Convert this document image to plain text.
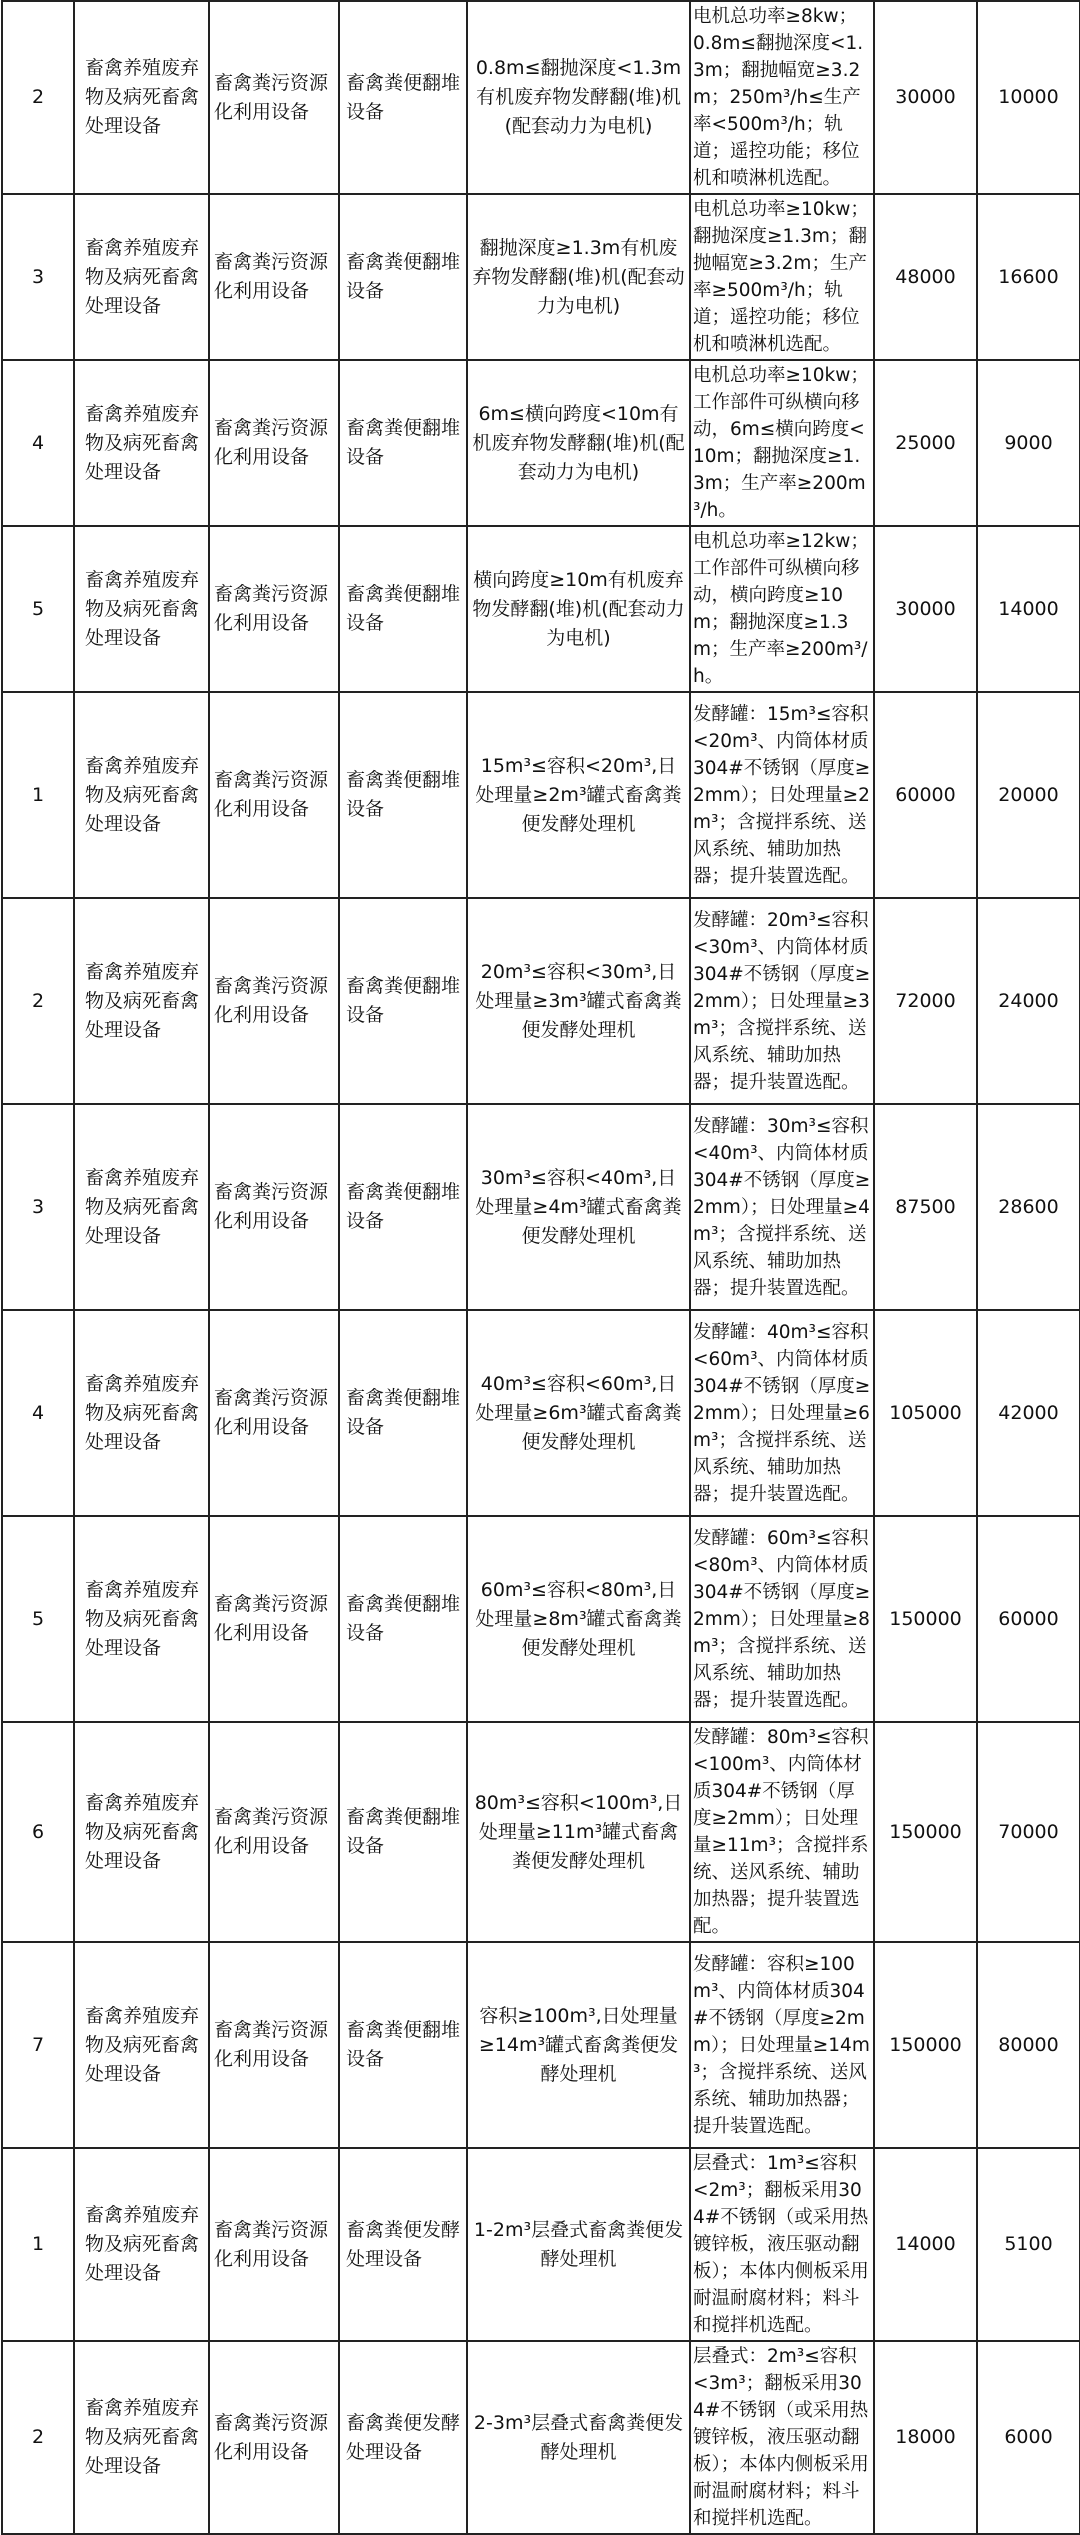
2	畜禽养殖废弃物及病死畜禽处理设备	畜禽粪污资源化利用设备	畜禽粪便翻堆设备	0.8m≤翻抛深度<1.3m有机废弃物发酵翻(堆)机(配套动力为电机)	电机总功率≥8kw；0.8m≤翻抛深度<1.3m；翻抛幅宽≥3.2m；250m³/h≤生产率<500m³/h；轨道；遥控功能；移位机和喷淋机选配。	30000	10000
3	畜禽养殖废弃物及病死畜禽处理设备	畜禽粪污资源化利用设备	畜禽粪便翻堆设备	翻抛深度≥1.3m有机废弃物发酵翻(堆)机(配套动力为电机)	电机总功率≥10kw；翻抛深度≥1.3m；翻抛幅宽≥3.2m；生产率≥500m³/h；轨道；遥控功能；移位机和喷淋机选配。	48000	16600
4	畜禽养殖废弃物及病死畜禽处理设备	畜禽粪污资源化利用设备	畜禽粪便翻堆设备	6m≤横向跨度<10m有机废弃物发酵翻(堆)机(配套动力为电机)	电机总功率≥10kw；工作部件可纵横向移动，6m≤横向跨度<10m；翻抛深度≥1.3m；生产率≥200m³/h。	25000	9000
5	畜禽养殖废弃物及病死畜禽处理设备	畜禽粪污资源化利用设备	畜禽粪便翻堆设备	横向跨度≥10m有机废弃物发酵翻(堆)机(配套动力为电机)	电机总功率≥12kw；工作部件可纵横向移动，横向跨度≥10m；翻抛深度≥1.3m；生产率≥200m³/h。	30000	14000
1	畜禽养殖废弃物及病死畜禽处理设备	畜禽粪污资源化利用设备	畜禽粪便翻堆设备	15m³≤容积<20m³,日处理量≥2m³罐式畜禽粪便发酵处理机	发酵罐：15m³≤容积<20m³、内筒体材质304#不锈钢（厚度≥2mm）；日处理量≥2m³；含搅拌系统、送风系统、辅助加热器；提升装置选配。	60000	20000
2	畜禽养殖废弃物及病死畜禽处理设备	畜禽粪污资源化利用设备	畜禽粪便翻堆设备	20m³≤容积<30m³,日处理量≥3m³罐式畜禽粪便发酵处理机	发酵罐：20m³≤容积<30m³、内筒体材质304#不锈钢（厚度≥2mm）；日处理量≥3m³；含搅拌系统、送风系统、辅助加热器；提升装置选配。	72000	24000
3	畜禽养殖废弃物及病死畜禽处理设备	畜禽粪污资源化利用设备	畜禽粪便翻堆设备	30m³≤容积<40m³,日处理量≥4m³罐式畜禽粪便发酵处理机	发酵罐：30m³≤容积<40m³、内筒体材质304#不锈钢（厚度≥2mm）；日处理量≥4m³；含搅拌系统、送风系统、辅助加热器；提升装置选配。	87500	28600
4	畜禽养殖废弃物及病死畜禽处理设备	畜禽粪污资源化利用设备	畜禽粪便翻堆设备	40m³≤容积<60m³,日处理量≥6m³罐式畜禽粪便发酵处理机	发酵罐：40m³≤容积<60m³、内筒体材质304#不锈钢（厚度≥2mm）；日处理量≥6m³；含搅拌系统、送风系统、辅助加热器；提升装置选配。	105000	42000
5	畜禽养殖废弃物及病死畜禽处理设备	畜禽粪污资源化利用设备	畜禽粪便翻堆设备	60m³≤容积<80m³,日处理量≥8m³罐式畜禽粪便发酵处理机	发酵罐：60m³≤容积<80m³、内筒体材质304#不锈钢（厚度≥2mm）；日处理量≥8m³；含搅拌系统、送风系统、辅助加热器；提升装置选配。	150000	60000
6	畜禽养殖废弃物及病死畜禽处理设备	畜禽粪污资源化利用设备	畜禽粪便翻堆设备	80m³≤容积<100m³,日处理量≥11m³罐式畜禽粪便发酵处理机	发酵罐：80m³≤容积<100m³、内筒体材质304#不锈钢（厚度≥2mm）；日处理量≥11m³；含搅拌系统、送风系统、辅助加热器；提升装置选配。	150000	70000
7	畜禽养殖废弃物及病死畜禽处理设备	畜禽粪污资源化利用设备	畜禽粪便翻堆设备	容积≥100m³,日处理量≥14m³罐式畜禽粪便发酵处理机	发酵罐：容积≥100m³、内筒体材质304#不锈钢（厚度≥2mm）；日处理量≥14m³；含搅拌系统、送风系统、辅助加热器；提升装置选配。	150000	80000
1	畜禽养殖废弃物及病死畜禽处理设备	畜禽粪污资源化利用设备	畜禽粪便发酵处理设备	1-2m³层叠式畜禽粪便发酵处理机	层叠式：1m³≤容积<2m³；翻板采用304#不锈钢（或采用热镀锌板，液压驱动翻板）；本体内侧板采用耐温耐腐材料；料斗和搅拌机选配。	14000	5100
2	畜禽养殖废弃物及病死畜禽处理设备	畜禽粪污资源化利用设备	畜禽粪便发酵处理设备	2-3m³层叠式畜禽粪便发酵处理机	层叠式：2m³≤容积<3m³；翻板采用304#不锈钢（或采用热镀锌板，液压驱动翻板）；本体内侧板采用耐温耐腐材料；料斗和搅拌机选配。	18000	6000
